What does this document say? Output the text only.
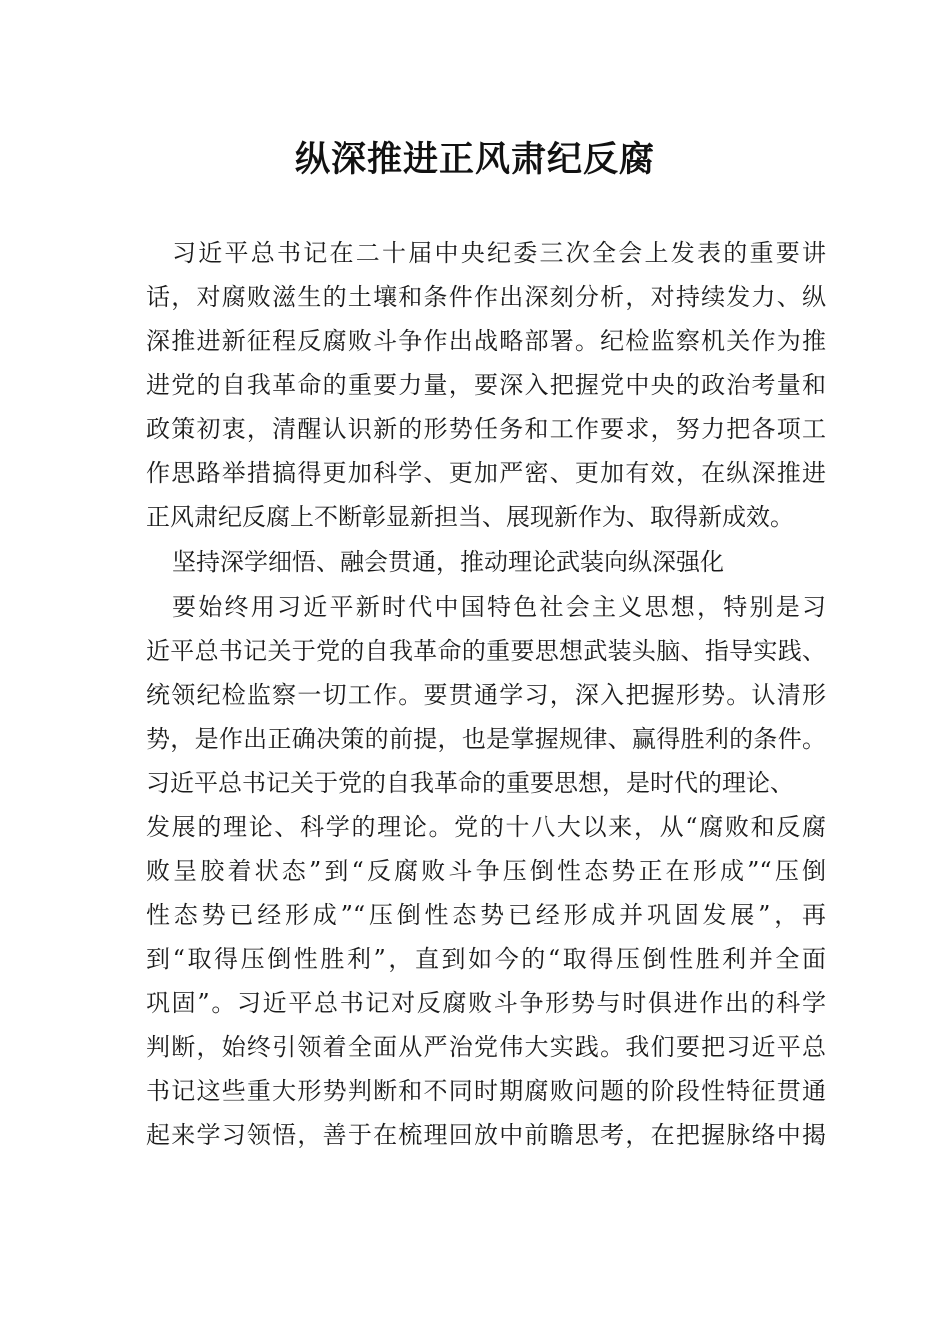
纵深推进正风肃纪反腐
习近平总书记在二十届中央纪委三次全会上发表的重要讲
话，对腐败滋生的土壤和条件作出深刻分析，对持续发力、纵
深推进新征程反腐败斗争作出战略部署。纪检监察机关作为推
进党的自我革命的重要力量，要深入把握党中央的政治考量和
政策初衷，清醒认识新的形势任务和工作要求，努力把各项工
作思路举措搞得更加科学、更加严密、更加有效，在纵深推进
正风肃纪反腐上不断彰显新担当、展现新作为、取得新成效。
坚持深学细悟、融会贯通，推动理论武装向纵深强化
要始终用习近平新时代中国特色社会主义思想，特别是习
近平总书记关于党的自我革命的重要思想武装头脑、指导实践、
统领纪检监察一切工作。要贯通学习，深入把握形势。认清形
势，是作出正确决策的前提，也是掌握规律、赢得胜利的条件。
习近平总书记关于党的自我革命的重要思想，是时代的理论、
发展的理论、科学的理论。党的十八大以来，从“腐败和反腐
败呈胶着状态”到“反腐败斗争压倒性态势正在形成”“压倒
性态势已经形成”“压倒性态势已经形成并巩固发展”，再
到“取得压倒性胜利”，直到如今的“取得压倒性胜利并全面
巩固”。习近平总书记对反腐败斗争形势与时俱进作出的科学
判断，始终引领着全面从严治党伟大实践。我们要把习近平总
书记这些重大形势判断和不同时期腐败问题的阶段性特征贯通
起来学习领悟，善于在梳理回放中前瞻思考，在把握脉络中揭
